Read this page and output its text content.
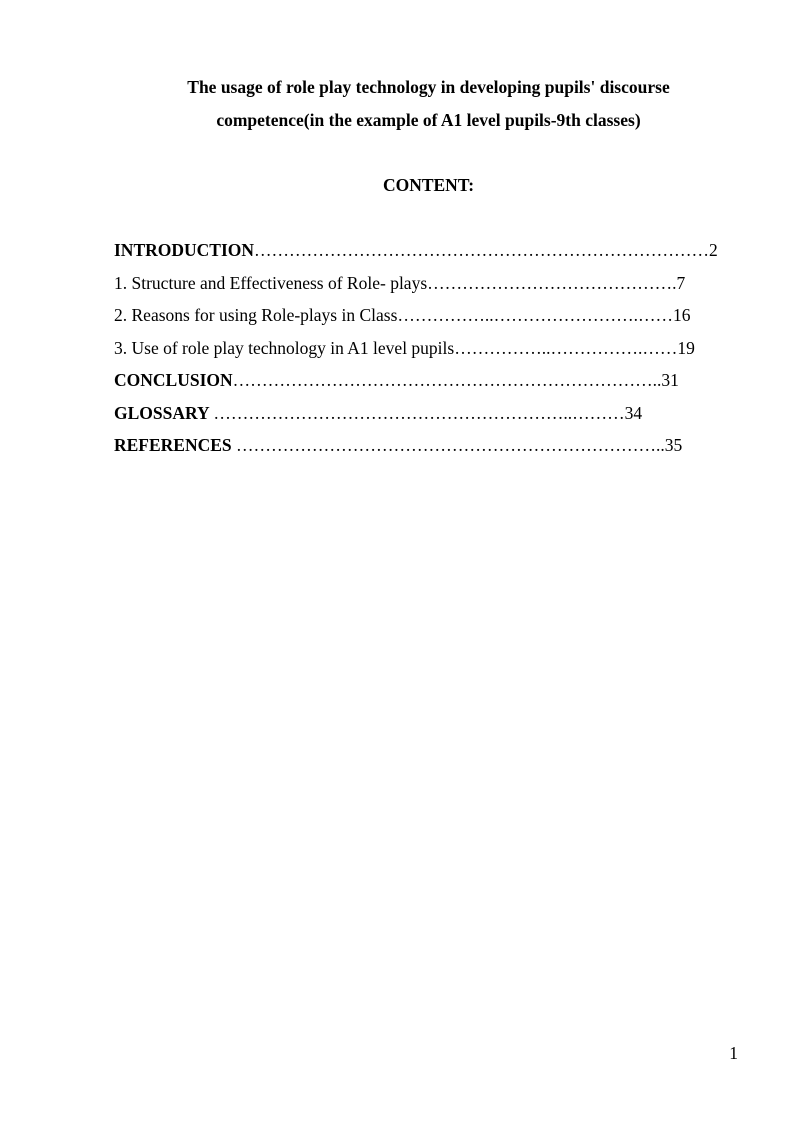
The usage of role play technology in developing pupils' discourse

competence(in the example of A1 level pupils-9th classes)

CONTENT:

INTRODUCTION……………………………………………………………………2
1. Structure and Effectiveness of Role- plays…………………………………….7
2. Reasons for using Role-plays in Class……………..…………………….……16
3. Use of role play technology in A1 level pupils……………..…………….……19
CONCLUSION………………………………………………………………..31
GLOSSARY ……………………………………………………..………34
REFERENCES ………………………………………………………………..35
1
